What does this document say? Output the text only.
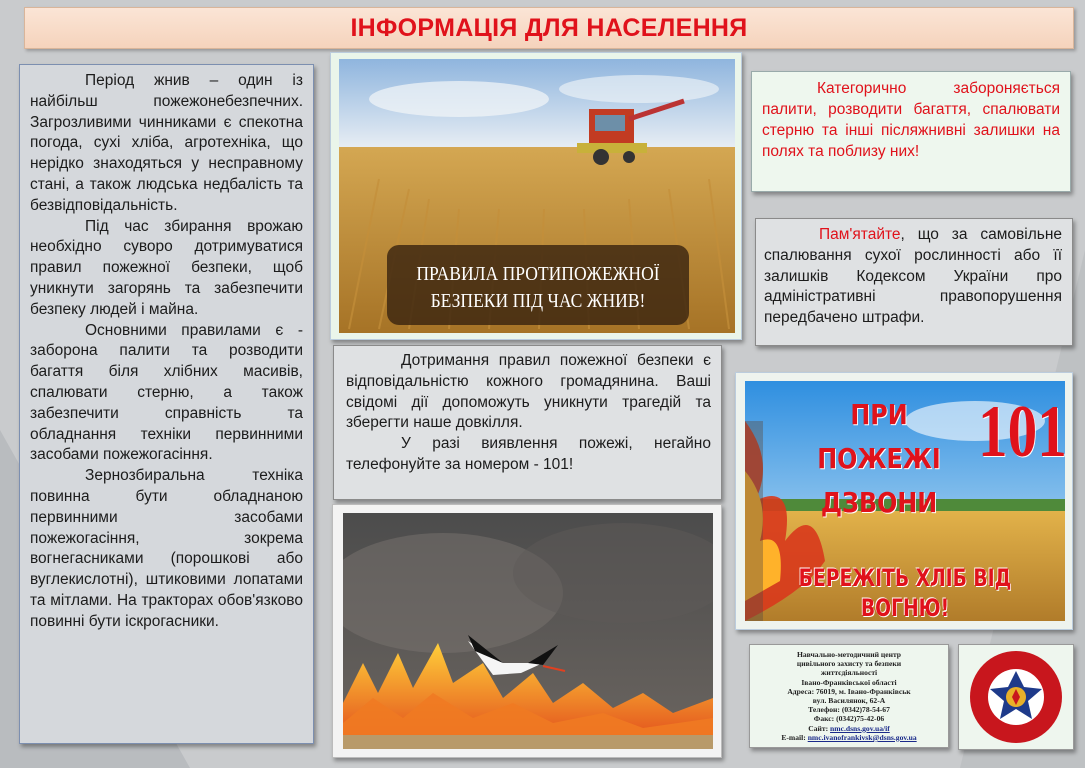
ІНФОРМАЦІЯ ДЛЯ НАСЕЛЕННЯ

Період жнив – один із найбільш пожежонебезпечних. Загрозливими чинниками є спекотна погода, сухі хліба, агротехніка, що нерідко знаходяться у несправному стані, а також людська недбалість та безвідповідальність.

Під час збирання врожаю необхідно суворо дотримуватися правил пожежної безпеки, щоб уникнути загорянь та забезпечити безпеку людей і майна.

Основними правилами є - заборона палити та розводити багаття біля хлібних масивів, спалювати стерню, а також забезпечити справність та обладнання техніки первинними засобами пожежогасіння.

Зернозбиральна техніка повинна бути обладнаною первинними засобами пожежогасіння, зокрема вогнегасниками (порошкові або вуглекислотні), штиковими лопатами та мітлами. На тракторах обов'язково повинні бути іскрогасники.

ПРАВИЛА ПРОТИПОЖЕЖНОЇ
БЕЗПЕКИ ПІД ЧАС ЖНИВ!

Категорично забороняється палити, розводити багаття, спалювати стерню та інші післяжнивні залишки на полях та поблизу них!

Пам'ятайте, що за самовільне спалювання сухої рослинності або її залишків Кодексом України про адміністративні правопорушення передбачено штрафи.

Дотримання правил пожежної безпеки є відповідальністю кожного громадянина. Ваші свідомі дії допоможуть уникнути трагедій та зберегти наше довкілля.

У разі виявлення пожежі, негайно телефонуйте за номером - 101!

ПРИ ПОЖЕЖІ
ДЗВОНИ
101
БЕРЕЖІТЬ ХЛІБ ВІД ВОГНЮ!
Навчально-методичний центр
цивільного захисту та безпеки
життєдіяльності
Івано-Франківської області
Адреса: 76019, м. Івано-Франківськ
вул. Василянок, 62-А
Телефон: (0342)78-54-67
Факс: (0342)75-42-06
Сайт: nmc.dsns.gov.ua/if
E-mail: nmc.ivanofrankivsk@dsns.gov.ua
